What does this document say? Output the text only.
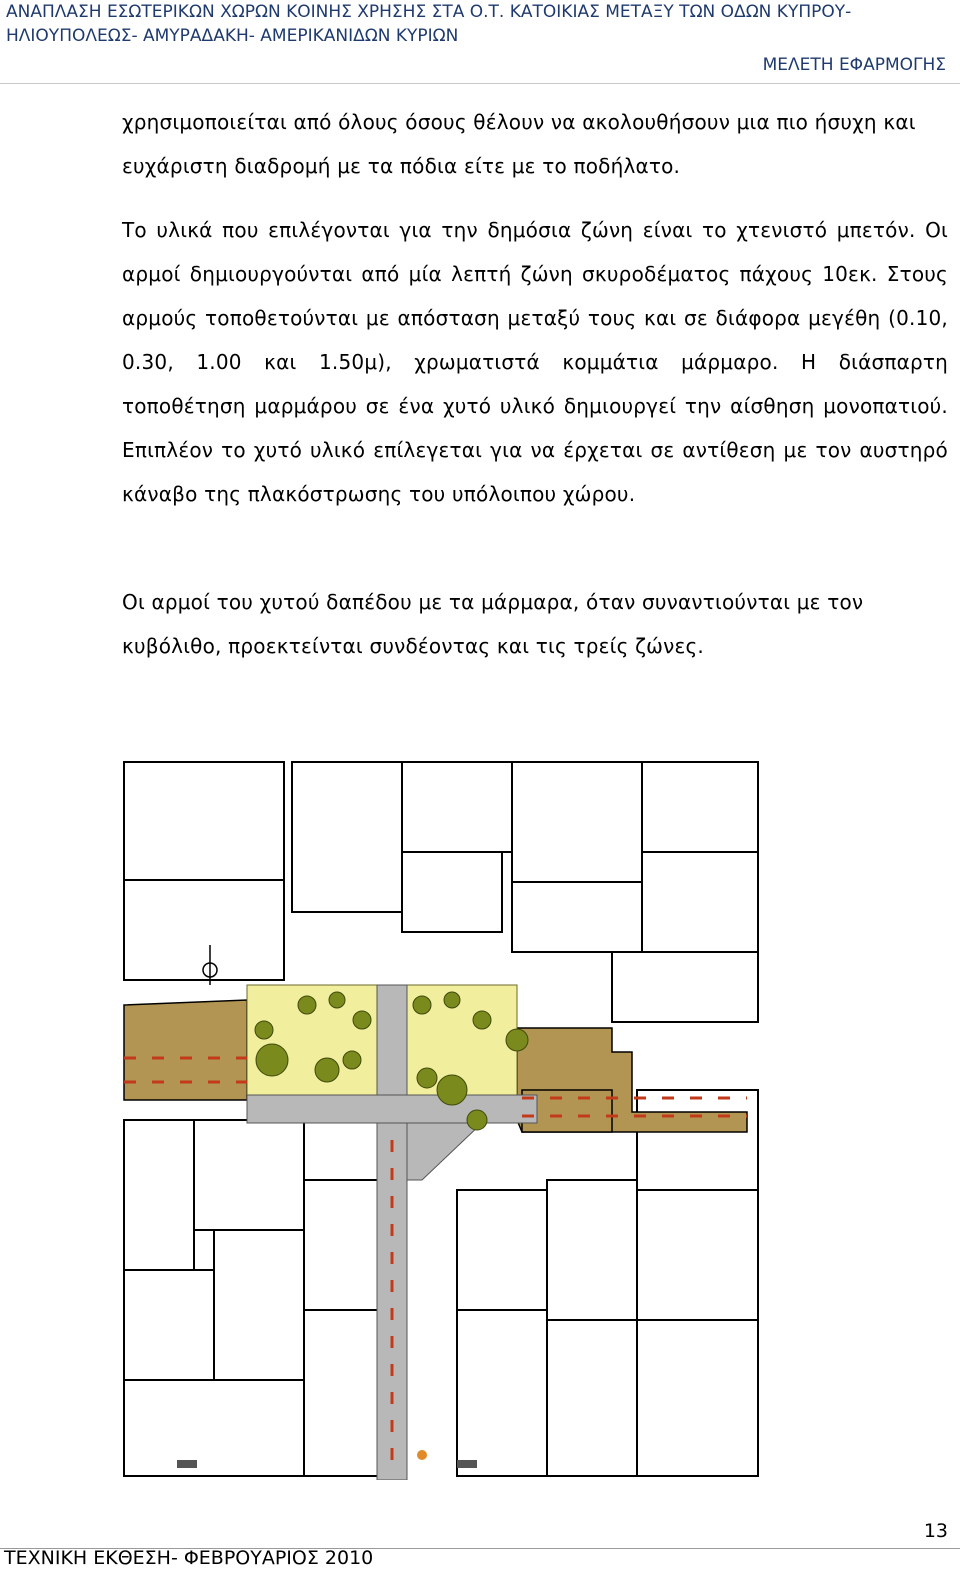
ΑΝΑΠΛΑΣΗ ΕΣΩΤΕΡΙΚΩΝ ΧΩΡΩΝ ΚΟΙΝΗΣ ΧΡΗΣΗΣ ΣΤΑ Ο.Τ. ΚΑΤΟΙΚΙΑΣ ΜΕΤΑΞΥ ΤΩΝ ΟΔΩΝ ΚΥΠΡΟΥ-
ΗΛΙΟΥΠΟΛΕΩΣ- ΑΜΥΡΑΔΑΚΗ- ΑΜΕΡΙΚΑΝΙΔΩΝ ΚΥΡΙΩΝ
ΜΕΛΕΤΗ ΕΦΑΡΜΟΓΗΣ

χρησιμοποιείται από όλους όσους θέλουν να ακολουθήσουν μια πιο ήσυχη και ευχάριστη διαδρομή με τα πόδια είτε με το ποδήλατο.

Το υλικά που επιλέγονται για την δημόσια ζώνη είναι το χτενιστό μπετόν. Οι αρμοί δημιουργούνται από μία λεπτή ζώνη σκυροδέματος πάχους 10εκ. Στους αρμούς τοποθετούνται με απόσταση μεταξύ τους και σε διάφορα μεγέθη (0.10, 0.30, 1.00 και 1.50μ), χρωματιστά κομμάτια μάρμαρο. Η διάσπαρτη τοποθέτηση μαρμάρου σε ένα χυτό υλικό δημιουργεί την αίσθηση μονοπατιού. Επιπλέον το χυτό υλικό επίλεγεται για να έρχεται σε αντίθεση με τον αυστηρό κάναβο της πλακόστρωσης του υπόλοιπου χώρου.

Οι αρμοί του χυτού δαπέδου με τα μάρμαρα, όταν συναντιούνται με τον κυβόλιθο, προεκτείνται συνδέοντας και τις τρείς ζώνες.

13
ΤΕΧΝΙΚΗ ΕΚΘΕΣΗ- ΦΕΒΡΟΥΑΡΙΟΣ 2010
